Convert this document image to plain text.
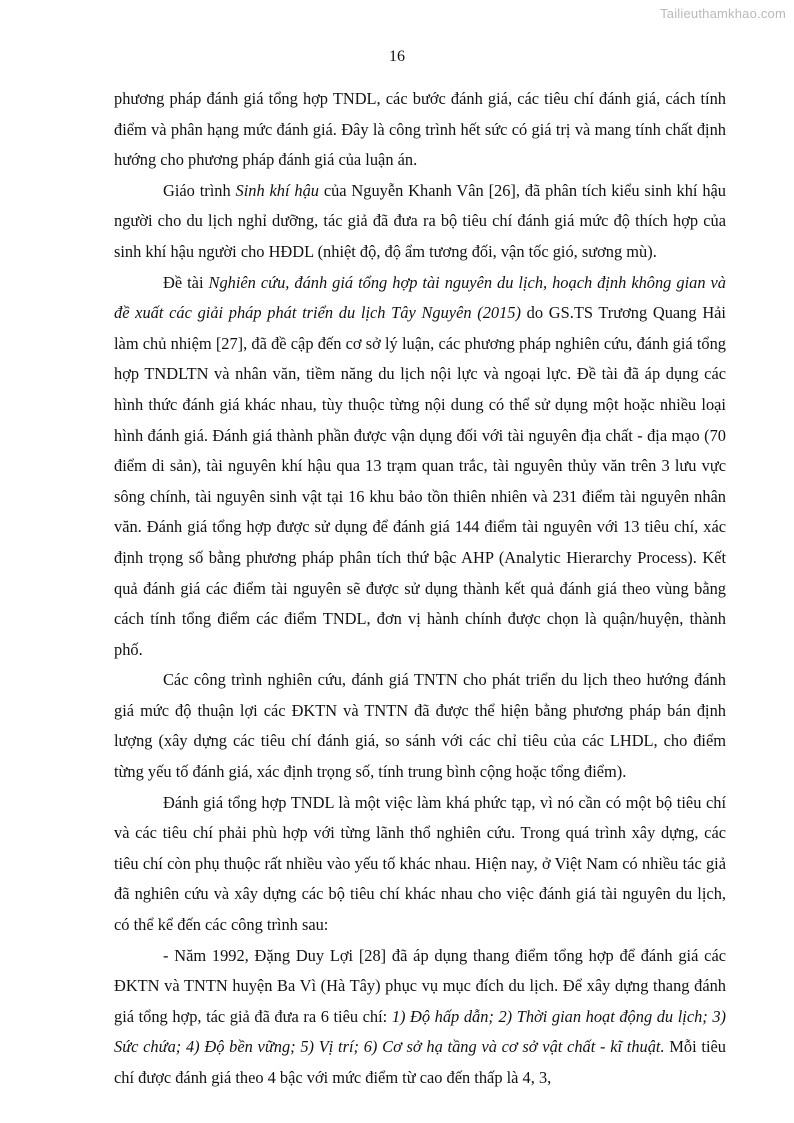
Tailieuthamkhao.com
16

phương pháp đánh giá tổng hợp TNDL, các bước đánh giá, các tiêu chí đánh giá, cách tính điểm và phân hạng mức đánh giá. Đây là công trình hết sức có giá trị và mang tính chất định hướng cho phương pháp đánh giá của luận án.

Giáo trình Sinh khí hậu của Nguyễn Khanh Vân [26], đã phân tích kiểu sinh khí hậu người cho du lịch nghỉ dưỡng, tác giả đã đưa ra bộ tiêu chí đánh giá mức độ thích hợp của sinh khí hậu người cho HĐDL (nhiệt độ, độ ẩm tương đối, vận tốc gió, sương mù).

Đề tài Nghiên cứu, đánh giá tổng hợp tài nguyên du lịch, hoạch định không gian và đề xuất các giải pháp phát triển du lịch Tây Nguyên (2015) do GS.TS Trương Quang Hải làm chủ nhiệm [27], đã đề cập đến cơ sở lý luận, các phương pháp nghiên cứu, đánh giá tổng hợp TNDLTN và nhân văn, tiềm năng du lịch nội lực và ngoại lực. Đề tài đã áp dụng các hình thức đánh giá khác nhau, tùy thuộc từng nội dung có thể sử dụng một hoặc nhiều loại hình đánh giá. Đánh giá thành phần được vận dụng đối với tài nguyên địa chất - địa mạo (70 điểm di sản), tài nguyên khí hậu qua 13 trạm quan trắc, tài nguyên thủy văn trên 3 lưu vực sông chính, tài nguyên sinh vật tại 16 khu bảo tồn thiên nhiên và 231 điểm tài nguyên nhân văn. Đánh giá tổng hợp được sử dụng để đánh giá 144 điểm tài nguyên với 13 tiêu chí, xác định trọng số bằng phương pháp phân tích thứ bậc AHP (Analytic Hierarchy Process). Kết quả đánh giá các điểm tài nguyên sẽ được sử dụng thành kết quả đánh giá theo vùng bằng cách tính tổng điểm các điểm TNDL, đơn vị hành chính được chọn là quận/huyện, thành phố.

Các công trình nghiên cứu, đánh giá TNTN cho phát triển du lịch theo hướng đánh giá mức độ thuận lợi các ĐKTN và TNTN đã được thể hiện bằng phương pháp bán định lượng (xây dựng các tiêu chí đánh giá, so sánh với các chỉ tiêu của các LHDL, cho điểm từng yếu tố đánh giá, xác định trọng số, tính trung bình cộng hoặc tổng điểm).

Đánh giá tổng hợp TNDL là một việc làm khá phức tạp, vì nó cần có một bộ tiêu chí và các tiêu chí phải phù hợp với từng lãnh thổ nghiên cứu. Trong quá trình xây dựng, các tiêu chí còn phụ thuộc rất nhiều vào yếu tố khác nhau. Hiện nay, ở Việt Nam có nhiều tác giả đã nghiên cứu và xây dựng các bộ tiêu chí khác nhau cho việc đánh giá tài nguyên du lịch, có thể kể đến các công trình sau:

- Năm 1992, Đặng Duy Lợi [28] đã áp dụng thang điểm tổng hợp để đánh giá các ĐKTN và TNTN huyện Ba Vì (Hà Tây) phục vụ mục đích du lịch. Để xây dựng thang đánh giá tổng hợp, tác giả đã đưa ra 6 tiêu chí: 1) Độ hấp dẫn; 2) Thời gian hoạt động du lịch; 3) Sức chứa; 4) Độ bền vững; 5) Vị trí; 6) Cơ sở hạ tầng và cơ sở vật chất - kĩ thuật. Mỗi tiêu chí được đánh giá theo 4 bậc với mức điểm từ cao đến thấp là 4, 3,
